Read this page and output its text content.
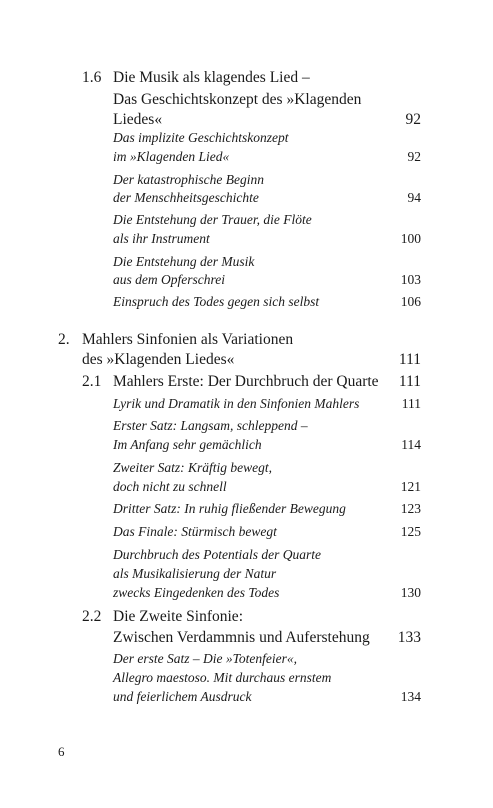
1.6 Die Musik als klagendes Lied –
Das Geschichtskonzept des »Klagenden
Liedes«	92
Das implizite Geschichtskonzept
im »Klagenden Lied«	92
Der katastrophische Beginn
der Menschheitsgeschichte	94
Die Entstehung der Trauer, die Flöte
als ihr Instrument	100
Die Entstehung der Musik
aus dem Opferschrei	103
Einspruch des Todes gegen sich selbst	106
2. Mahlers Sinfonien als Variationen
des »Klagenden Liedes«	111
2.1 Mahlers Erste: Der Durchbruch der Quarte 111
Lyrik und Dramatik in den Sinfonien Mahlers	111
Erster Satz: Langsam, schleppend –
Im Anfang sehr gemächlich	114
Zweiter Satz: Kräftig bewegt,
doch nicht zu schnell	121
Dritter Satz: In ruhig fließender Bewegung	123
Das Finale: Stürmisch bewegt	125
Durchbruch des Potentials der Quarte
als Musikalisierung der Natur
zwecks Eingedenken des Todes	130
2.2 Die Zweite Sinfonie:
Zwischen Verdammnis und Auferstehung 133
Der erste Satz – Die »Totenfeier«,
Allegro maestoso. Mit durchaus ernstem
und feierlichem Ausdruck	134
6
